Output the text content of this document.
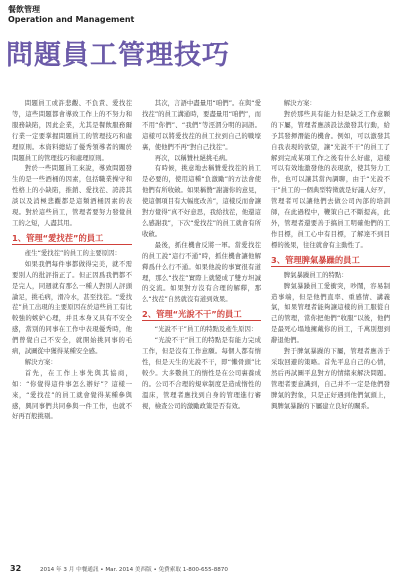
餐飲管理
Operation and Management
問題員工管理技巧

問題員工或許悲觀、不負責、愛找茬等，這些問題都會導致工作上的不努力和服務缺陷，因此企業，尤其是餐飲服務爾行業一定要掌握問題員工的管理技巧和處理原則。本資料總結了優秀領導者的關於問題員工的管理技巧和處理原則。

對於一些問題員工來說，導致問題發生的是一些酒桶的因素，包括職業操守和性格上的小缺陷，推銷、愛找茬、誇誇其談以及消極悲觀都是這類酒桶因素的表現。對於這些員工，管理者要努力發覺員工的之短，人盡其用。

1、管理“愛找茬”的員工

產生“愛找茬”的員工的主要原因：

如果我們每件事都做得完美，就不需要別人的批評指正了。但正因爲我們都不是完人，同週就有那么一種人對別人評頭論足，挑毛病，滑冷水，甚至找茬。“愛找茬”員工出現的主要原因在於這些員工有比較強的嫉妒心理，并且本身又具有不安全感，當別的同事在工作中表現優秀時，他們曾覺自己不安全，就開始挑同事的毛病，試圖從中獲得某種安全感。

解決方案：

首先，在工作上事先與其協商，如：“你覺得這件事怎么辦好”？這樣一來，“愛找茬”的員工就會覺得某種參與感，興同事們共同參與一件工作，也就不好再百般挑剔。

其次，言語中盡量用“咱們”。在與“愛找茬”的員工溝通時，要盡量用“咱們”，而不用“你們”、“我們”等涇渭分明的詞語。這樣可以將愛找茬的員工拉到自己的戰壕裏，使他們不再“對自己找茬”。

再次，以稱贊杜絕挑毛病。

有時候，挑意地去稱贊愛找茬的員工是必要的，使用這種“負激勵”的方法會使他們有所收斂。如果稱贊“謝謝你的意見，使這個項目有大幅度改善”，這樣反而會讓對方覺得“真不好意思，我給找茬，他還這么感謝我”，下次“愛找茬”的員工就會有所收斂。

最後，抓住機會反將一軍。當愛找茬的員工說“這行不通”時，抓住機會讓他解釋爲什么行不通。如果他說的事實很有道理，那么“找茬”實際上就變成了雙方坦誠的交流。如果對方沒有合理的解釋，那么“找茬”自然就沒有道到效果。

2、管理“光說不干”的員工

“光說不干”員工的特點及產生原因：

“光說不干”員工的特點是有能力完成工作，但是沒有工作意願。每個人都有惰性，但是天生的光說不干，即“懶骨頭”比較少。大多數員工的惰性是在公司裏養成的。公司不合理的規章制度是造成惰性的溫床，管理者應找到自身的管理進行審視，檢查公司的激勵政策是否有效。

解決方案：

對於那些具有能力但是缺乏工作意願的下屬，管理者應該設法激發其行動，給予其發揮潛能的機會。例如，可以激發其自我表現的欲望，讓“光說不干”的員工了解到完成某項工作之後有什么好處，這樣可以有效地激發他的表現欲，使其努力工作，也可以讓其當內調聊，由于“光說不干”員工的一個典型特徵就是好議人好歹，管理者可以讓他們去做公司內部的培訓師，在此過程中，鞭策自己不斷提高，此外，管理者還要善于搞員工明確他們的工作目標，員工心中有目標，了解達不到目標的後果，往往就會有主動性了。

3、管理脾氣暴躁的員工

脾氣暴躁員工的特點：

脾氣暴躁員工愛衝突，吵鬧，容易制造事端，但是他們直率、重感情、講義氣，如果管理者能夠讓這樣的員工服從自己的管理，當你把他們“收服”以後，他們是最死心塌地擁戴你的員工，千萬別想到辭退他們。

對于脾氣暴躁的下屬，管理者應善于采取回避的策略。首先平息自己的心情，然后再試圖平息對方的情緒來解決問題。管理者要意識到，自己并不一定是他們發脾氣的對象，只是正好遇到他們氣頭上，興脾氣暴躁的下屬建立良好的關系。

32	2014 年 3 月 中餐通訊 • Mar. 2014 美西版 • 免費索取 1-800-655-8870
